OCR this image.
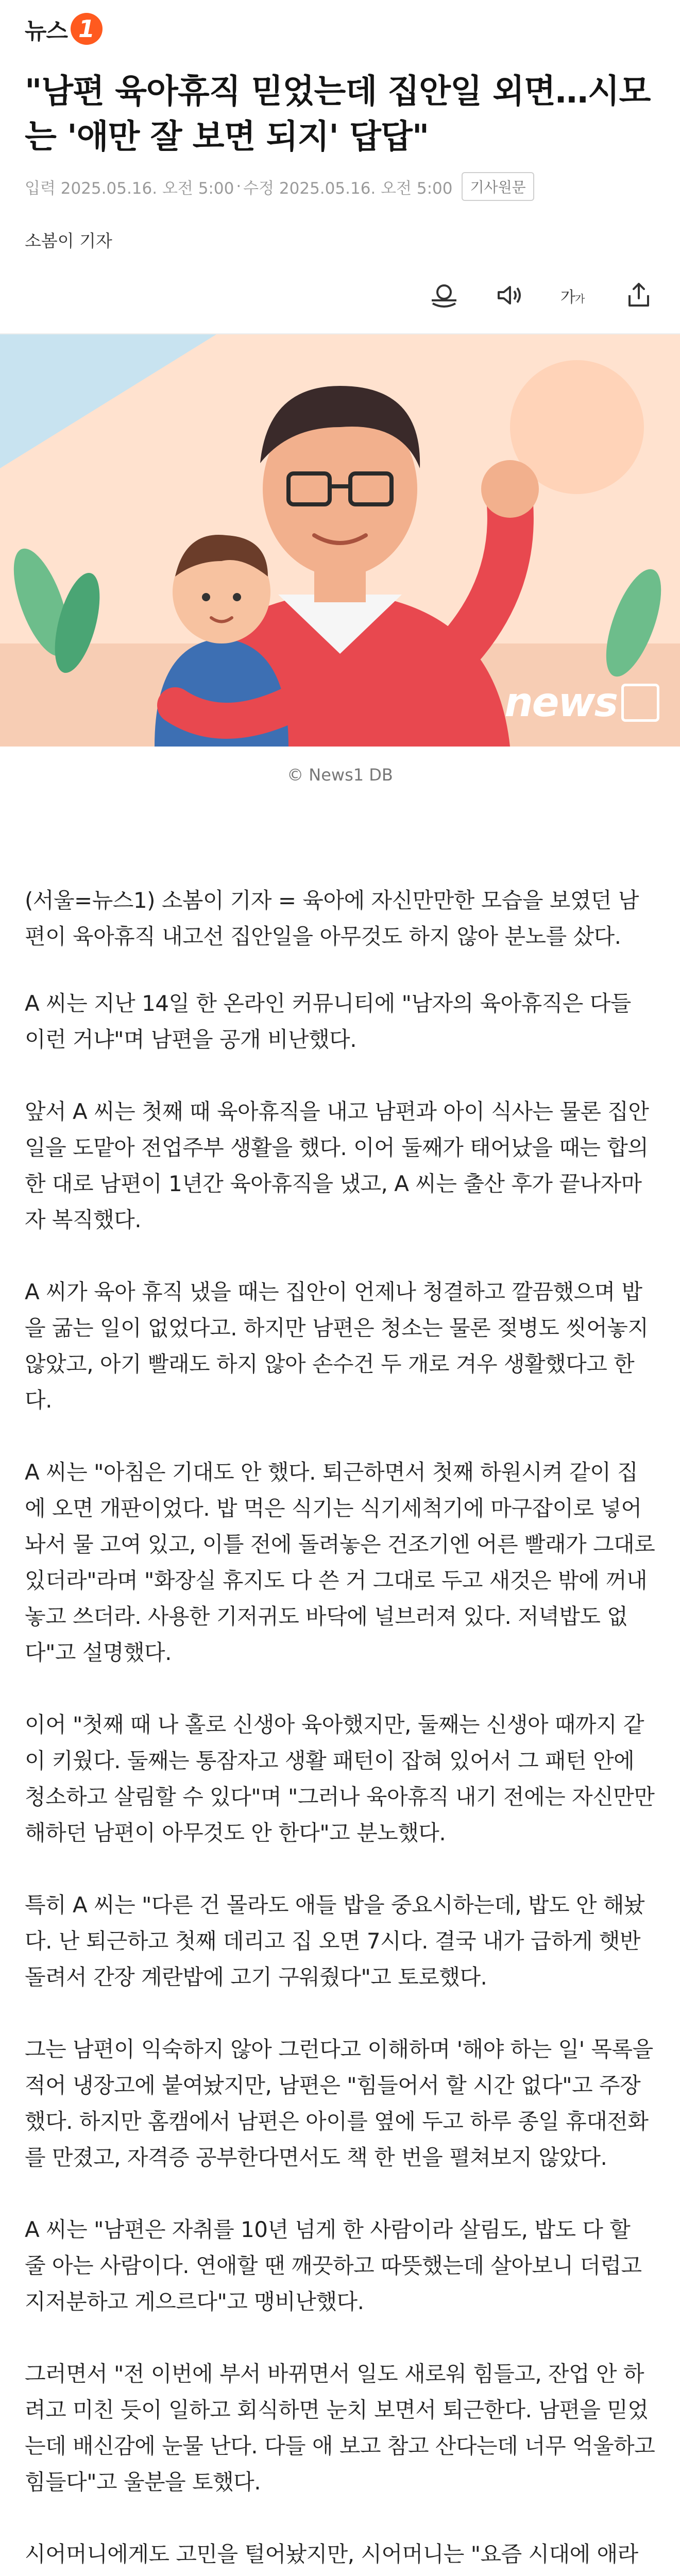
뉴스 1
"남편 육아휴직 믿었는데 집안일 외면…시모는 '애만 잘 보면 되지' 답답"
입력 2025.05.16. 오전 5:00 · 수정 2025.05.16. 오전 5:00	기사원문
소봄이 기자
가 가
news
© News1 DB

(서울=뉴스1) 소봄이 기자 = 육아에 자신만만한 모습을 보였던 남편이 육아휴직 내고선 집안일을 아무것도 하지 않아 분노를 샀다.

A 씨는 지난 14일 한 온라인 커뮤니티에 "남자의 육아휴직은 다들 이런 거냐"며 남편을 공개 비난했다.

앞서 A 씨는 첫째 때 육아휴직을 내고 남편과 아이 식사는 물론 집안일을 도맡아 전업주부 생활을 했다. 이어 둘째가 태어났을 때는 합의한 대로 남편이 1년간 육아휴직을 냈고, A 씨는 출산 후가 끝나자마자 복직했다.

A 씨가 육아 휴직 냈을 때는 집안이 언제나 청결하고 깔끔했으며 밥을 굶는 일이 없었다고. 하지만 남편은 청소는 물론 젖병도 씻어놓지 않았고, 아기 빨래도 하지 않아 손수건 두 개로 겨우 생활했다고 한다.

A 씨는 "아침은 기대도 안 했다. 퇴근하면서 첫째 하원시켜 같이 집에 오면 개판이었다. 밥 먹은 식기는 식기세척기에 마구잡이로 넣어놔서 물 고여 있고, 이틀 전에 돌려놓은 건조기엔 어른 빨래가 그대로 있더라"라며 "화장실 휴지도 다 쓴 거 그대로 두고 새것은 밖에 꺼내놓고 쓰더라. 사용한 기저귀도 바닥에 널브러져 있다. 저녁밥도 없다"고 설명했다.

이어 "첫째 때 나 홀로 신생아 육아했지만, 둘째는 신생아 때까지 같이 키웠다. 둘째는 통잠자고 생활 패턴이 잡혀 있어서 그 패턴 안에 청소하고 살림할 수 있다"며 "그러나 육아휴직 내기 전에는 자신만만해하던 남편이 아무것도 안 한다"고 분노했다.

특히 A 씨는 "다른 건 몰라도 애들 밥을 중요시하는데, 밥도 안 해놨다. 난 퇴근하고 첫째 데리고 집 오면 7시다. 결국 내가 급하게 햇반 돌려서 간장 계란밥에 고기 구워줬다"고 토로했다.

그는 남편이 익숙하지 않아 그런다고 이해하며 '해야 하는 일' 목록을 적어 냉장고에 붙여놨지만, 남편은 "힘들어서 할 시간 없다"고 주장했다. 하지만 홈캠에서 남편은 아이를 옆에 두고 하루 종일 휴대전화를 만졌고, 자격증 공부한다면서도 책 한 번을 펼쳐보지 않았다.

A 씨는 "남편은 자취를 10년 넘게 한 사람이라 살림도, 밥도 다 할 줄 아는 사람이다. 연애할 땐 깨끗하고 따뜻했는데 살아보니 더럽고 지저분하고 게으르다"고 맹비난했다.

그러면서 "전 이번에 부서 바뀌면서 일도 새로워 힘들고, 잔업 안 하려고 미친 듯이 일하고 회식하면 눈치 보면서 퇴근한다. 남편을 믿었는데 배신감에 눈물 난다. 다들 애 보고 참고 산다는데 너무 억울하고 힘들다"고 울분을 토했다.

시어머니에게도 고민을 털어놨지만, 시어머니는 "요즘 시대에 애라
